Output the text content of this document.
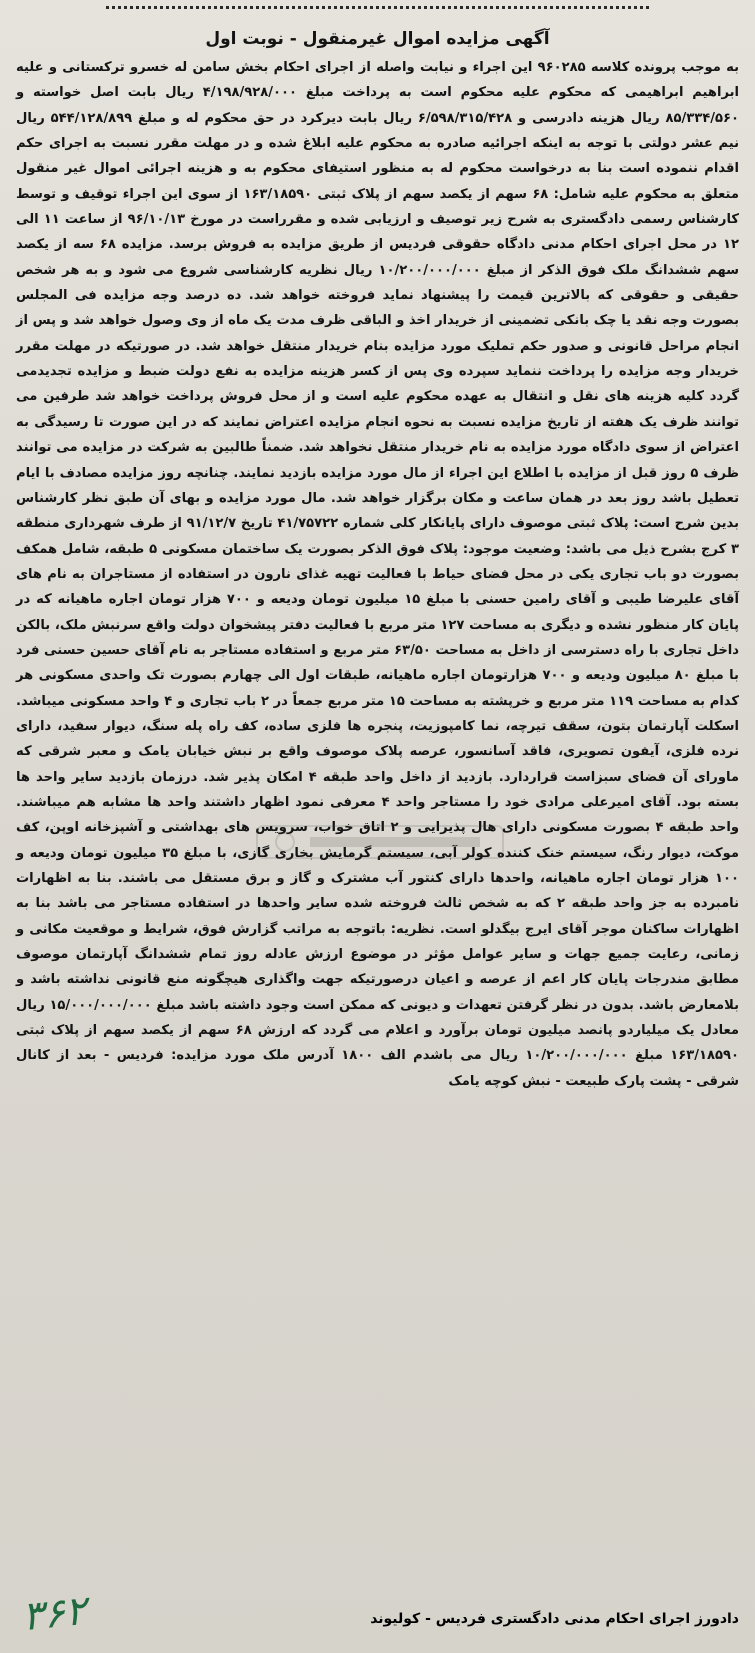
آگهی مزایده اموال غیرمنقول - نوبت اول

به موجب پرونده کلاسه ۹۶۰۲۸۵ این اجراء و نیابت واصله از اجرای احکام بخش سامن له خسرو ترکستانی و علیه ابراهیم ابراهیمی که محکوم علیه محکوم است به پرداخت مبلغ ۴/۱۹۸/۹۲۸/۰۰۰ ریال بابت اصل خواسته و ۸۵/۳۳۴/۵۶۰ ریال هزینه دادرسی و ۶/۵۹۸/۳۱۵/۴۲۸ ریال بابت دیرکرد در حق محکوم له و مبلغ ۵۴۴/۱۲۸/۸۹۹ ریال نیم عشر دولتی با توجه به اینکه اجرائیه صادره به محکوم علیه ابلاغ شده و در مهلت مقرر نسبت به اجرای حکم اقدام ننموده است بنا به درخواست محکوم له به منظور استیفای محکوم به و هزینه اجرائی اموال غیر منقول متعلق به محکوم علیه شامل: ۶۸ سهم از یکصد سهم از پلاک ثبتی ۱۶۳/۱۸۵۹۰ از سوی این اجراء توقیف و توسط کارشناس رسمی دادگستری به شرح زیر توصیف و ارزیابی شده و مقرراست در مورخ ۹۶/۱۰/۱۳ از ساعت ۱۱ الی ۱۲ در محل اجرای احکام مدنی دادگاه حقوقی فردیس از طریق مزایده به فروش برسد. مزایده ۶۸ سه از یکصد سهم ششدانگ ملک فوق الذکر از مبلغ ۱۰/۲۰۰/۰۰۰/۰۰۰ ریال نظریه کارشناسی شروع می شود و به هر شخص حقیقی و حقوقی که بالاترین قیمت را پیشنهاد نماید فروخته خواهد شد. ده درصد وجه مزایده فی المجلس بصورت وجه نقد یا چک بانکی تضمینی از خریدار اخذ و الباقی ظرف مدت یک ماه از وی وصول خواهد شد و پس از انجام مراحل قانونی و صدور حکم تملیک مورد مزایده بنام خریدار منتقل خواهد شد. در صورتیکه در مهلت مقرر خریدار وجه مزایده را پرداخت ننماید سپرده وی پس از کسر هزینه مزایده به نفع دولت ضبط و مزایده تجدیدمی گردد کلیه هزینه های نقل و انتقال به عهده محکوم علیه است و از محل فروش پرداخت خواهد شد طرفین می توانند ظرف یک هفته از تاریخ مزایده نسبت به نحوه انجام مزایده اعتراض نمایند که در این صورت تا رسیدگی به اعتراض از سوی دادگاه مورد مزایده به نام خریدار منتقل نخواهد شد. ضمناً طالبین به شرکت در مزایده می توانند ظرف ۵ روز قبل از مزایده با اطلاع این اجراء از مال مورد مزایده بازدید نمایند. چنانچه روز مزایده مصادف با ایام تعطیل باشد روز بعد در همان ساعت و مکان برگزار خواهد شد. مال مورد مزایده و بهای آن طبق نظر کارشناس بدین شرح است: پلاک ثبتی موصوف دارای پایانکار کلی شماره ۴۱/۷۵۷۲۲ تاریخ ۹۱/۱۲/۷ از طرف شهرداری منطقه ۳ کرج بشرح ذیل می باشد: وضعیت موجود: پلاک فوق الذکر بصورت یک ساختمان مسکونی ۵ طبقه، شامل همکف بصورت دو باب تجاری یکی در محل فضای حیاط با فعالیت تهیه غذای نارون در استفاده از مستاجران به نام های آقای علیرضا طیبی و آقای رامین حسنی با مبلغ ۱۵ میلیون تومان ودیعه و ۷۰۰ هزار تومان اجاره ماهیانه که در پایان کار منظور نشده و دیگری به مساحت ۱۲۷ متر مربع با فعالیت دفتر پیشخوان دولت واقع سرنبش ملک، بالکن داخل تجاری با راه دسترسی از داخل به مساحت ۶۳/۵۰ متر مربع و استفاده مستاجر به نام آقای حسین حسنی فرد با مبلغ ۸۰ میلیون ودیعه و ۷۰۰ هزارتومان اجاره ماهیانه، طبقات اول الی چهارم بصورت تک واحدی مسکونی هر کدام به مساحت ۱۱۹ متر مربع و خرپشته به مساحت ۱۵ متر مربع جمعاً در ۲ باب تجاری و ۴ واحد مسکونی میباشد. اسکلت آپارتمان بتون، سقف تیرچه، نما کامپوزیت، پنجره ها فلزی ساده، کف راه پله سنگ، دیوار سفید، دارای نرده فلزی، آیفون تصویری، فاقد آسانسور، عرصه پلاک موصوف واقع بر نبش خیابان یامک و معبر شرقی که ماورای آن فضای سبزاست قراردارد. بازدید از داخل واحد طبقه ۴ امکان پذیر شد. درزمان بازدید سایر واحد ها بسته بود. آقای امیرعلی مرادی خود را مستاجر واحد ۴ معرفی نمود اظهار داشتند واحد ها مشابه هم میباشند. واحد طبقه ۴ بصورت مسکونی دارای هال پذیرایی و ۲ اتاق خواب، سرویس های بهداشتی و آشپزخانه اوپن، کف موکت، دیوار رنگ، سیستم خنک کننده کولر آبی، سیستم گرمایش بخاری گازی، با مبلغ ۳۵ میلیون تومان ودیعه و ۱۰۰ هزار تومان اجاره ماهیانه، واحدها دارای کنتور آب مشترک و گاز و برق مستقل می باشند. بنا به اظهارات نامبرده به جز واحد طبقه ۲ که به شخص ثالث فروخته شده سایر واحدها در استفاده مستاجر می باشد بنا به اظهارات ساکنان موجر آقای ایرج بیگدلو است. نظریه: باتوجه به مراتب گزارش فوق، شرایط و موقعیت مکانی و زمانی، رعایت جمیع جهات و سایر عوامل مؤثر در موضوع ارزش عادله روز تمام ششدانگ آپارتمان موصوف مطابق مندرجات پایان کار اعم از عرصه و اعیان درصورتیکه جهت واگذاری هیچگونه منع قانونی نداشته باشد و بلامعارض باشد. بدون در نظر گرفتن تعهدات و دیونی که ممکن است وجود داشته باشد مبلغ ۱۵/۰۰۰/۰۰۰/۰۰۰ ریال معادل یک میلیاردو پانصد میلیون تومان برآورد و اعلام می گردد که ارزش ۶۸ سهم از یکصد سهم از پلاک ثبتی ۱۶۳/۱۸۵۹۰ مبلغ ۱۰/۲۰۰/۰۰۰/۰۰۰ ریال می باشدم الف ۱۸۰۰ آدرس ملک مورد مزایده: فردیس - بعد از کانال شرقی - پشت پارک طبیعت - نبش کوچه یامک

دادورز اجرای احکام مدنی دادگستری فردیس - کولیوند
۳۶۲
